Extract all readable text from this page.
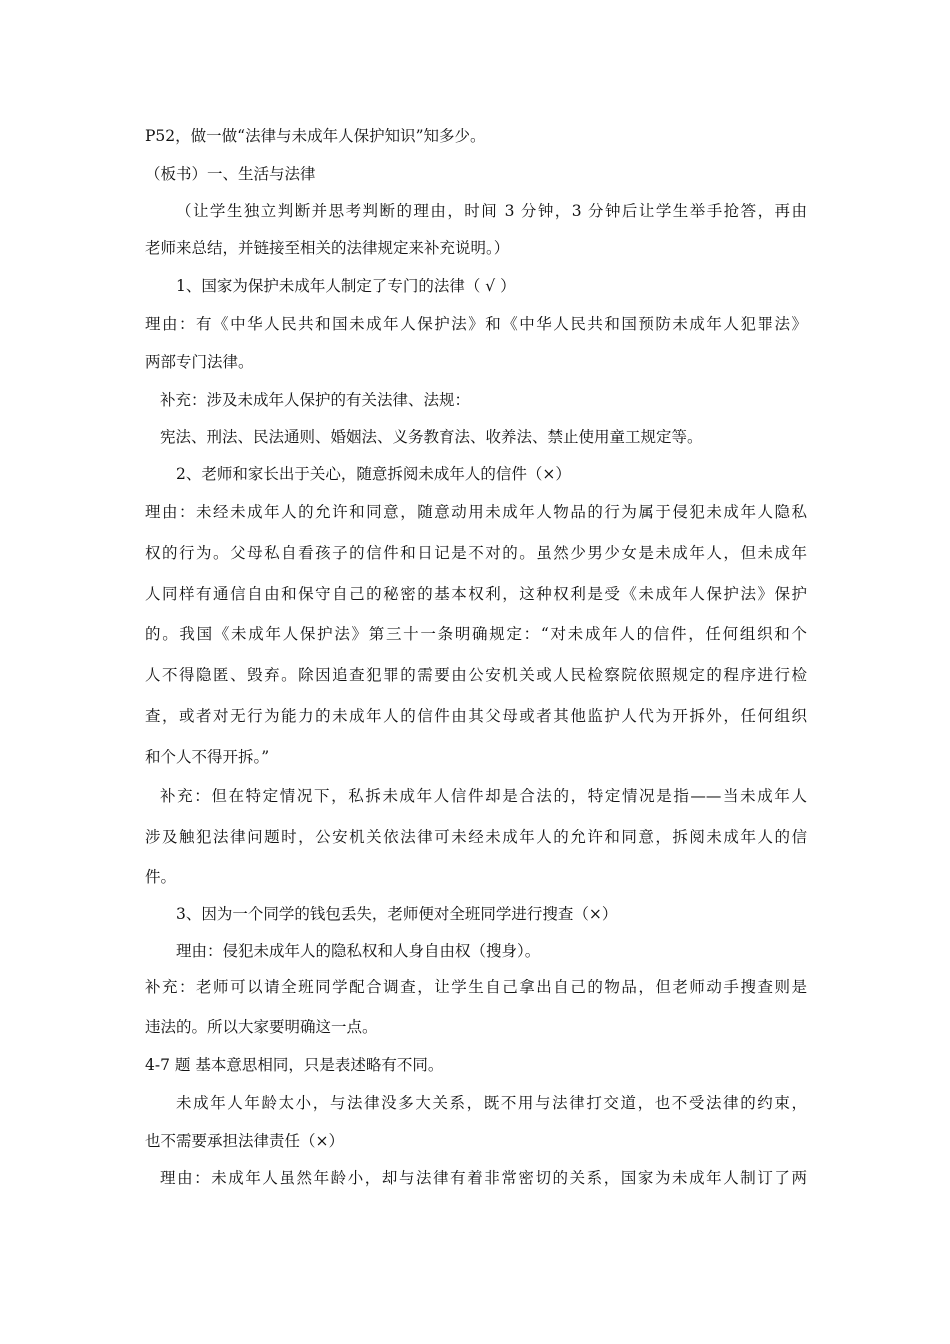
P52，做一做“法律与未成年人保护知识”知多少。
（板书）一、生活与法律
（让学生独立判断并思考判断的理由，时间 3 分钟，3 分钟后让学生举手抢答，再由
老师来总结，并链接至相关的法律规定来补充说明。）
1、国家为保护未成年人制定了专门的法律（ √ ）
理由：有《中华人民共和国未成年人保护法》和《中华人民共和国预防未成年人犯罪法》
两部专门法律。
补充：涉及未成年人保护的有关法律、法规：
宪法、刑法、民法通则、婚姻法、义务教育法、收养法、禁止使用童工规定等。
2、老师和家长出于关心，随意拆阅未成年人的信件（×）
理由：未经未成年人的允许和同意，随意动用未成年人物品的行为属于侵犯未成年人隐私
权的行为。父母私自看孩子的信件和日记是不对的。虽然少男少女是未成年人，但未成年
人同样有通信自由和保守自己的秘密的基本权利，这种权利是受《未成年人保护法》保护
的。我国《未成年人保护法》第三十一条明确规定：“对未成年人的信件，任何组织和个
人不得隐匿、毁弃。除因追查犯罪的需要由公安机关或人民检察院依照规定的程序进行检
查，或者对无行为能力的未成年人的信件由其父母或者其他监护人代为开拆外，任何组织
和个人不得开拆。”
补充：但在特定情况下，私拆未成年人信件却是合法的，特定情况是指——当未成年人
涉及触犯法律问题时，公安机关依法律可未经未成年人的允许和同意，拆阅未成年人的信
件。
3、因为一个同学的钱包丢失，老师便对全班同学进行搜查（×）
理由：侵犯未成年人的隐私权和人身自由权（搜身）。
补充：老师可以请全班同学配合调查，让学生自己拿出自己的物品，但老师动手搜查则是
违法的。所以大家要明确这一点。
4-7 题 基本意思相同，只是表述略有不同。
未成年人年龄太小，与法律没多大关系，既不用与法律打交道，也不受法律的约束，
也不需要承担法律责任（×）
理由：未成年人虽然年龄小，却与法律有着非常密切的关系，国家为未成年人制订了两
